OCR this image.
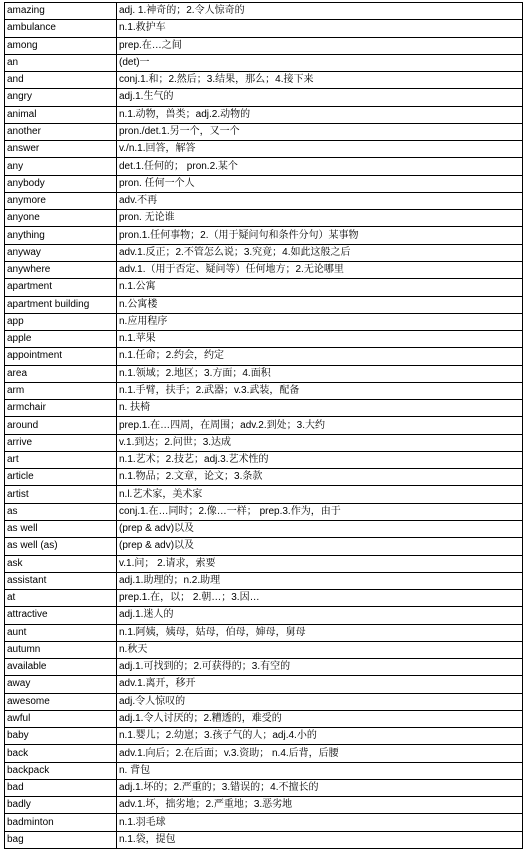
amazing	adj. 1.神奇的；2.令人惊奇的
ambulance	n.1.救护车
among	prep.在…之间
an	(det)一
and	conj.1.和；2.然后；3.结果，那么；4.接下来
angry	adj.1.生气的
animal	n.1.动物，兽类；adj.2.动物的
another	pron./det.1.另一个，又一个
answer	v./n.1.回答，解答
any	det.1.任何的； pron.2.某个
anybody	pron. 任何一个人
anymore	adv.不再
anyone	pron. 无论谁
anything	pron.1.任何事物；2.（用于疑问句和条件分句）某事物
anyway	adv.1.反正；2.不管怎么说；3.究竟；4.如此这般之后
anywhere	adv.1.（用于否定、疑问等）任何地方；2.无论哪里
apartment	n.1.公寓
apartment building	n.公寓楼
app	n.应用程序
apple	n.1.苹果
appointment	n.1.任命；2.约会，约定
area	n.1.领域；2.地区；3.方面；4.面积
arm	n.1.手臂，扶手；2.武器；v.3.武装，配备
armchair	n. 扶椅
around	prep.1.在…四周，在周围；adv.2.到处；3.大约
arrive	v.1.到达；2.问世；3.达成
art	n.1.艺术；2.技艺；adj.3.艺术性的
article	n.1.物品；2.文章，论文；3.条款
artist	n.l.艺术家，美术家
as	conj.1.在…同时；2.像…一样； prep.3.作为，由于
as well	(prep & adv)以及
as well (as)	(prep & adv)以及
ask	v.1.问； 2.请求，索要
assistant	adj.1.助理的；n.2.助理
at	prep.1.在，以； 2.朝…；3.因…
attractive	adj.1.迷人的
aunt	n.1.阿姨，姨母，姑母，伯母，婶母，舅母
autumn	n.秋天
available	adj.1.可找到的；2.可获得的；3.有空的
away	adv.1.离开，移开
awesome	adj.令人惊叹的
awful	adj.1.令人讨厌的；2.糟透的，难受的
baby	n.1.婴儿；2.幼崽；3.孩子气的人；adj.4.小的
back	adv.1.向后；2.在后面；v.3.资助； n.4.后背，后腰
backpack	n. 背包
bad	adj.1.坏的；2.严重的；3.错误的；4.不擅长的
badly	adv.1.坏，拙劣地；2.严重地；3.恶劣地
badminton	n.1.羽毛球
bag	n.1.袋，提包
